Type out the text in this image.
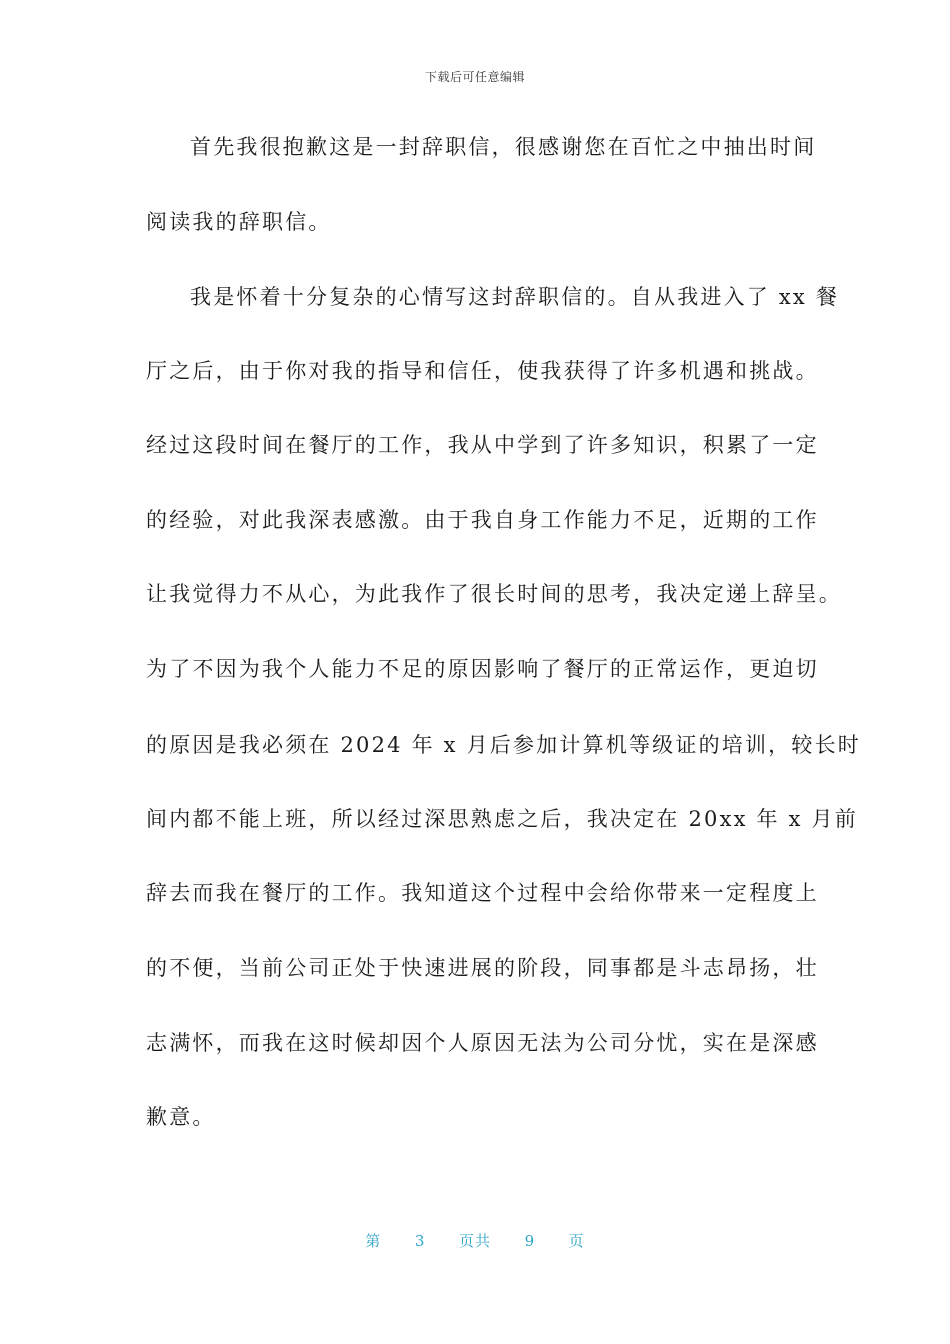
下载后可任意编辑
首先我很抱歉这是一封辞职信，很感谢您在百忙之中抽出时间
阅读我的辞职信。
我是怀着十分复杂的心情写这封辞职信的。自从我进入了 xx 餐
厅之后，由于你对我的指导和信任，使我获得了许多机遇和挑战。
经过这段时间在餐厅的工作，我从中学到了许多知识，积累了一定
的经验，对此我深表感激。由于我自身工作能力不足，近期的工作
让我觉得力不从心，为此我作了很长时间的思考，我决定递上辞呈。
为了不因为我个人能力不足的原因影响了餐厅的正常运作，更迫切
的原因是我必须在 2024 年 x 月后参加计算机等级证的培训，较长时
间内都不能上班，所以经过深思熟虑之后，我决定在 20xx 年 x 月前
辞去而我在餐厅的工作。我知道这个过程中会给你带来一定程度上
的不便，当前公司正处于快速进展的阶段，同事都是斗志昂扬，壮
志满怀，而我在这时候却因个人原因无法为公司分忧，实在是深感
歉意。
第 3 页共 9 页
